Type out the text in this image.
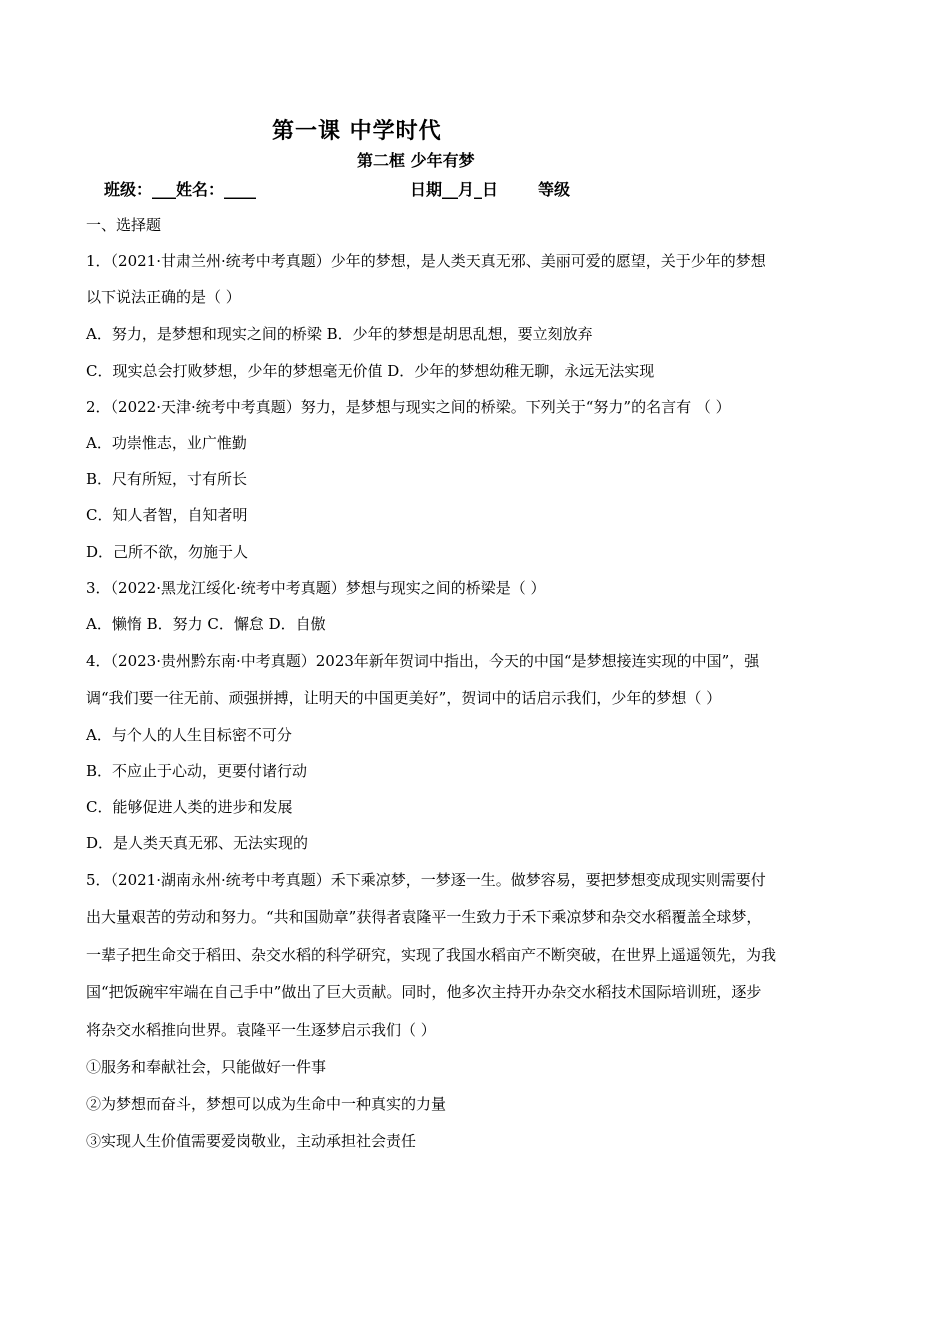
第一课 中学时代
第二框 少年有梦
班级：___姓名：____	日期__月_日 等级
一、选择题
1．（2021·甘肃兰州·统考中考真题）少年的梦想，是人类天真无邪、美丽可爱的愿望，关于少年的梦想
以下说法正确的是（ ）
A．努力，是梦想和现实之间的桥梁 B．少年的梦想是胡思乱想，要立刻放弃
C．现实总会打败梦想，少年的梦想毫无价值 D．少年的梦想幼稚无聊，永远无法实现
2．（2022·天津·统考中考真题）努力，是梦想与现实之间的桥梁。下列关于“努力”的名言有 （ ）
A．功崇惟志，业广惟勤
B．尺有所短，寸有所长
C．知人者智，自知者明
D．己所不欲，勿施于人
3．（2022·黑龙江绥化·统考中考真题）梦想与现实之间的桥梁是（ ）
A．懒惰 B．努力 C．懈怠 D．自傲
4．（2023·贵州黔东南·中考真题）2023年新年贺词中指出，今天的中国“是梦想接连实现的中国”，强
调“我们要一往无前、顽强拼搏，让明天的中国更美好”，贺词中的话启示我们，少年的梦想（ ）
A．与个人的人生目标密不可分
B．不应止于心动，更要付诸行动
C．能够促进人类的进步和发展
D．是人类天真无邪、无法实现的
5．（2021·湖南永州·统考中考真题）禾下乘凉梦，一梦逐一生。做梦容易，要把梦想变成现实则需要付
出大量艰苦的劳动和努力。“共和国勋章”获得者袁隆平一生致力于禾下乘凉梦和杂交水稻覆盖全球梦，
一辈子把生命交于稻田、杂交水稻的科学研究，实现了我国水稻亩产不断突破，在世界上遥遥领先，为我
国“把饭碗牢牢端在自己手中”做出了巨大贡献。同时，他多次主持开办杂交水稻技术国际培训班，逐步
将杂交水稻推向世界。袁隆平一生逐梦启示我们（ ）
①服务和奉献社会，只能做好一件事
②为梦想而奋斗，梦想可以成为生命中一种真实的力量
③实现人生价值需要爱岗敬业，主动承担社会责任
